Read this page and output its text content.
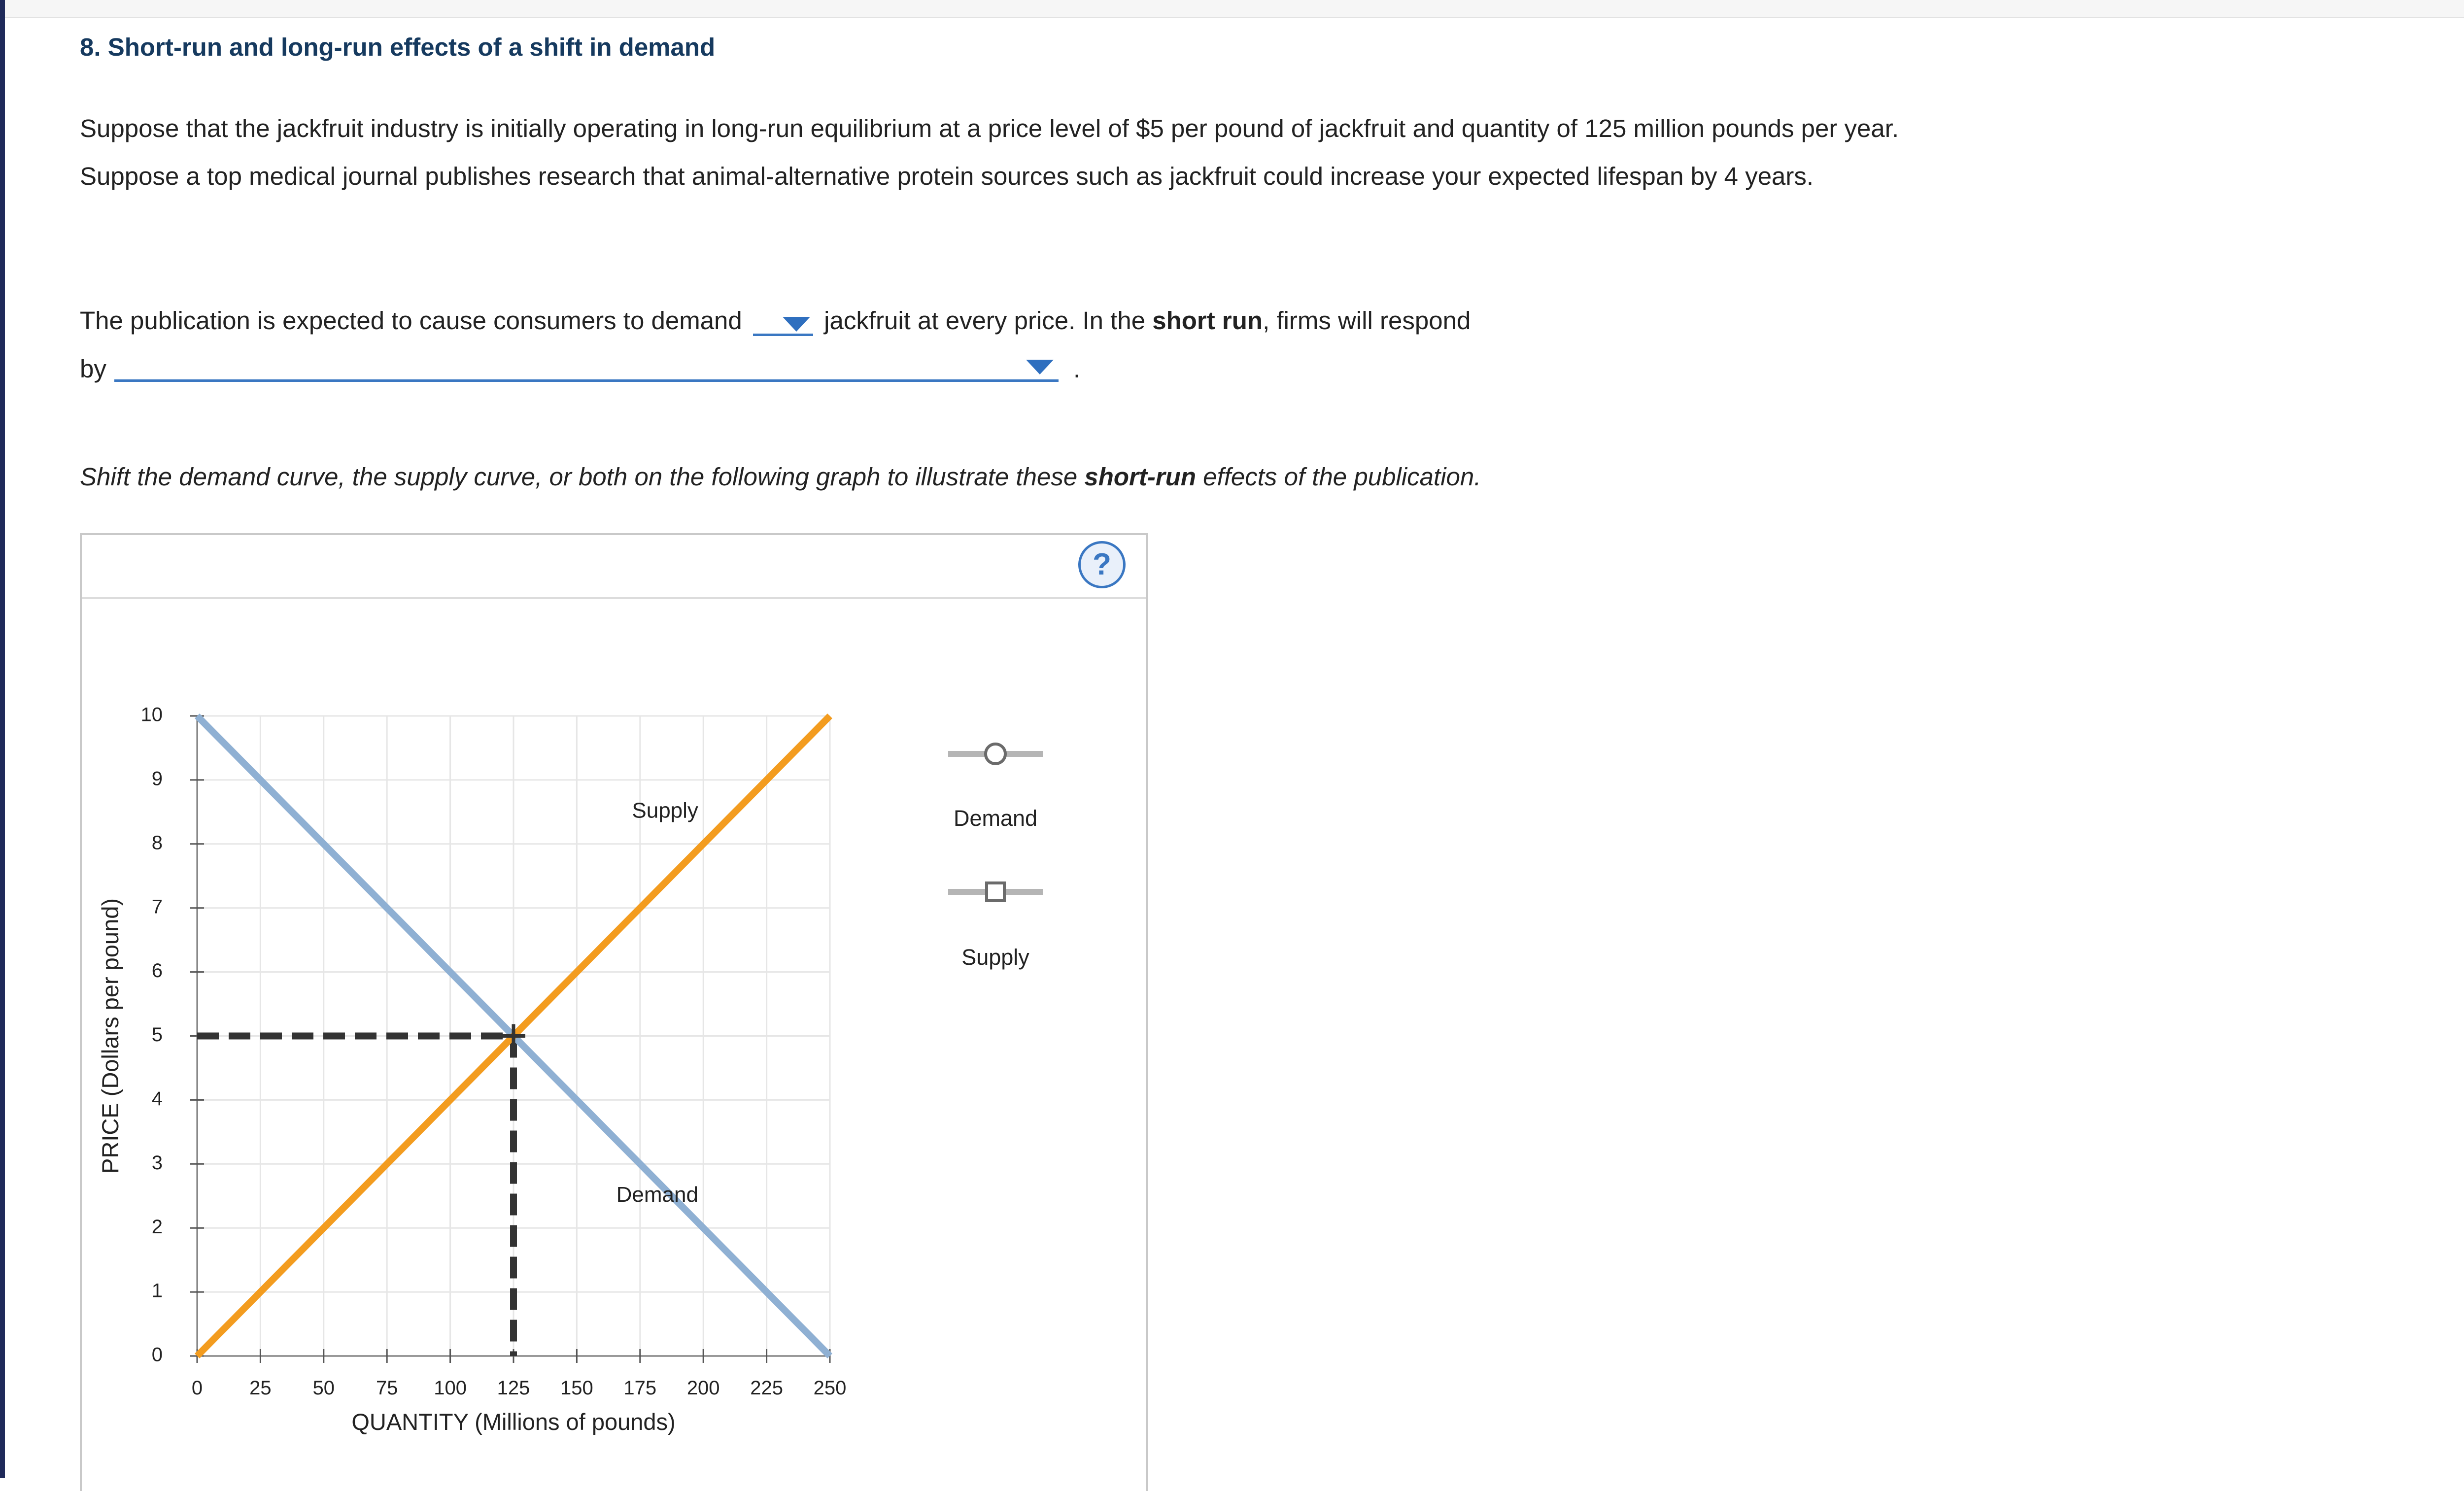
8. Short-run and long-run effects of a shift in demand
Suppose that the jackfruit industry is initially operating in long-run equilibrium at a price level of $5 per pound of jackfruit and quantity of 125 million pounds per year. Suppose a top medical journal publishes research that animal-alternative protein sources such as jackfruit could increase your expected lifespan by 4 years.
The publication is expected to cause consumers to demand	jackfruit at every price. In the short run, firms will respond
by	.
Shift the demand curve, the supply curve, or both on the following graph to illustrate these short-run effects of the publication.
?
0 25 50 75 100 125 150 175 200 225 250
0
1
2
3
4
5
6
7
8
9
10
QUANTITY (Millions of pounds)
PRICE (Dollars per pound)
Demand
Supply	Demand
Supply
